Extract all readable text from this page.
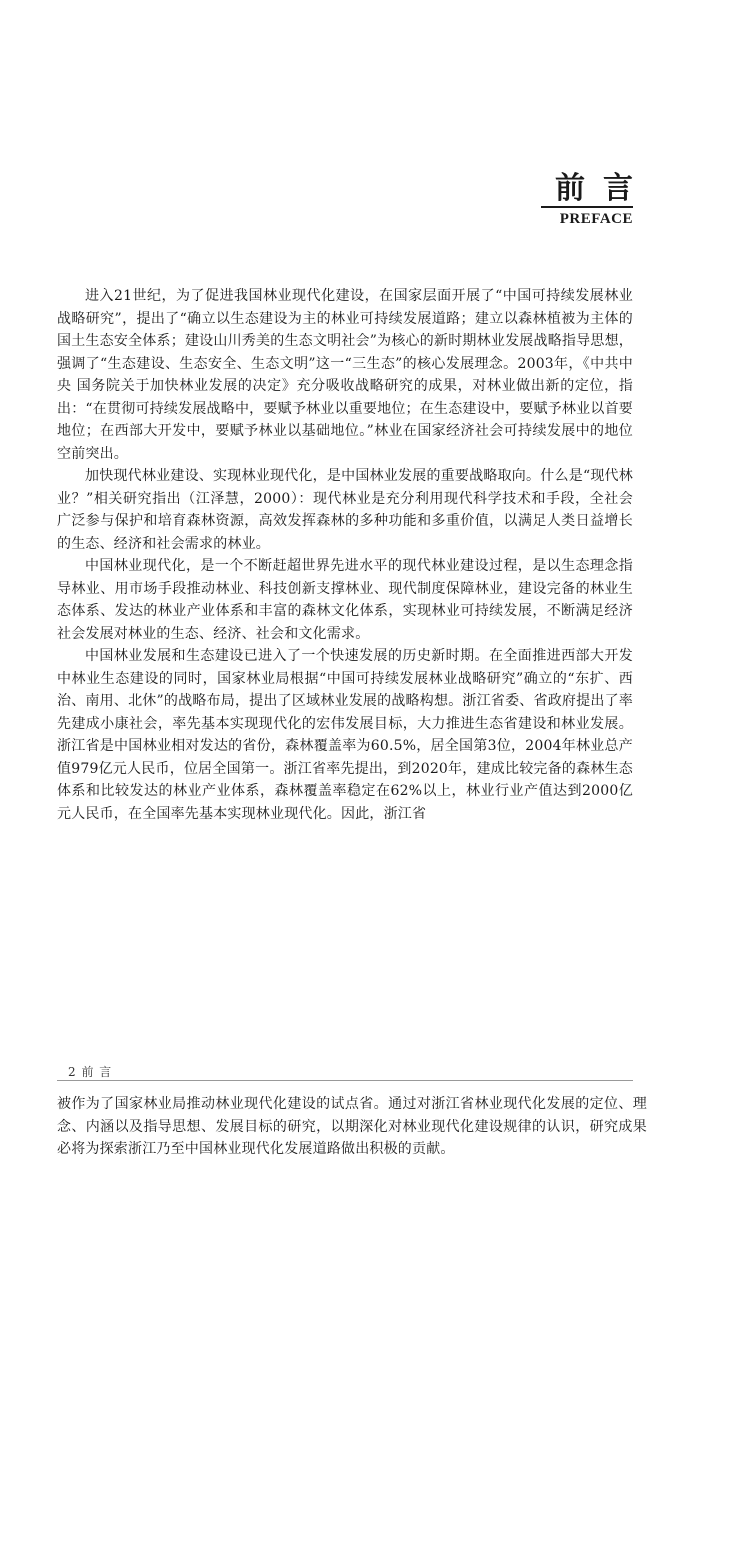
前言
PREFACE

进入21世纪，为了促进我国林业现代化建设，在国家层面开展了“中国可持续发展林业战略研究”，提出了“确立以生态建设为主的林业可持续发展道路；建立以森林植被为主体的国土生态安全体系；建设山川秀美的生态文明社会”为核心的新时期林业发展战略指导思想，强调了“生态建设、生态安全、生态文明”这一“三生态”的核心发展理念。2003年，《中共中央 国务院关于加快林业发展的决定》充分吸收战略研究的成果，对林业做出新的定位，指出：“在贯彻可持续发展战略中，要赋予林业以重要地位；在生态建设中，要赋予林业以首要地位；在西部大开发中，要赋予林业以基础地位。”林业在国家经济社会可持续发展中的地位空前突出。

加快现代林业建设、实现林业现代化，是中国林业发展的重要战略取向。什么是“现代林业？”相关研究指出（江泽慧，2000）：现代林业是充分利用现代科学技术和手段，全社会广泛参与保护和培育森林资源，高效发挥森林的多种功能和多重价值，以满足人类日益增长的生态、经济和社会需求的林业。

中国林业现代化，是一个不断赶超世界先进水平的现代林业建设过程，是以生态理念指导林业、用市场手段推动林业、科技创新支撑林业、现代制度保障林业，建设完备的林业生态体系、发达的林业产业体系和丰富的森林文化体系，实现林业可持续发展，不断满足经济社会发展对林业的生态、经济、社会和文化需求。

中国林业发展和生态建设已进入了一个快速发展的历史新时期。在全面推进西部大开发中林业生态建设的同时，国家林业局根据“中国可持续发展林业战略研究”确立的“东扩、西治、南用、北休”的战略布局，提出了区域林业发展的战略构想。浙江省委、省政府提出了率先建成小康社会，率先基本实现现代化的宏伟发展目标，大力推进生态省建设和林业发展。浙江省是中国林业相对发达的省份，森林覆盖率为60.5%，居全国第3位，2004年林业总产值979亿元人民币，位居全国第一。浙江省率先提出，到2020年，建成比较完备的森林生态体系和比较发达的林业产业体系，森林覆盖率稳定在62%以上，林业行业产值达到2000亿元人民币，在全国率先基本实现林业现代化。因此，浙江省

2 前 言

被作为了国家林业局推动林业现代化建设的试点省。通过对浙江省林业现代化发展的定位、理念、内涵以及指导思想、发展目标的研究，以期深化对林业现代化建设规律的认识，研究成果必将为探索浙江乃至中国林业现代化发展道路做出积极的贡献。
